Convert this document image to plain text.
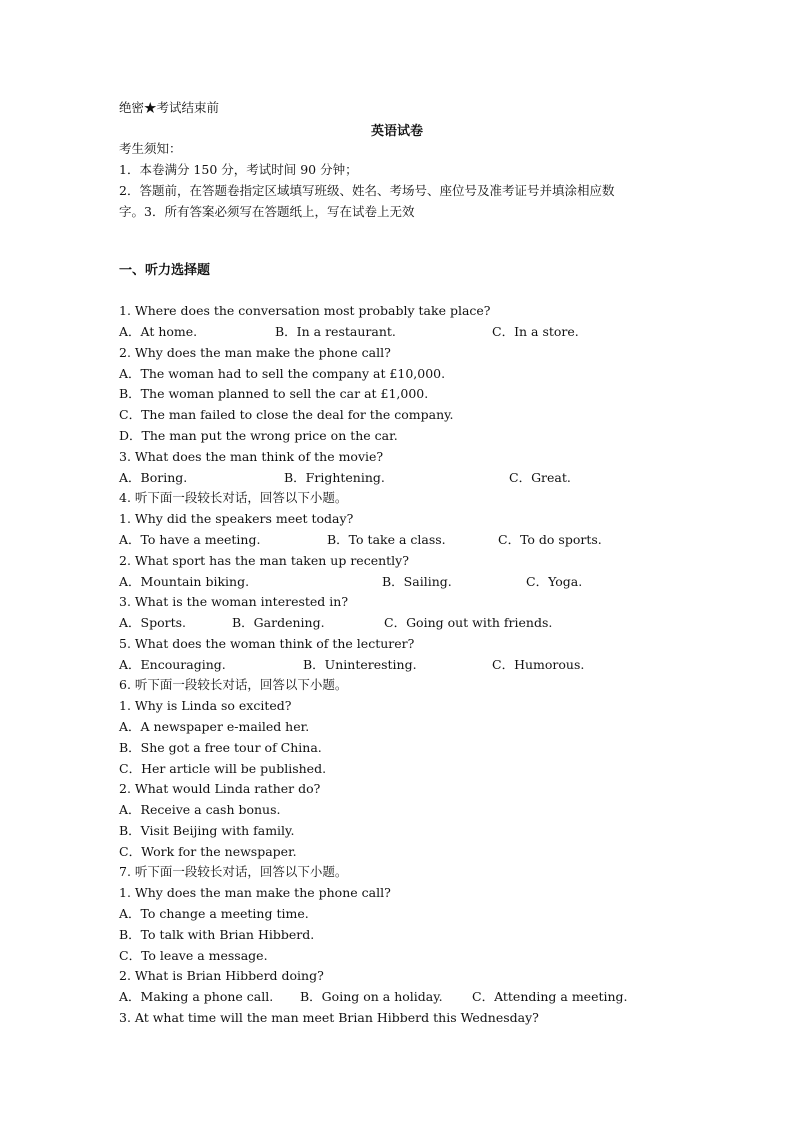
绝密★考试结束前
英语试卷
考生须知：
1．本卷满分 150 分，考试时间 90 分钟；
2．答题前，在答题卷指定区域填写班级、姓名、考场号、座位号及准考证号并填涂相应数
字。3．所有答案必须写在答题纸上，写在试卷上无效
一、听力选择题
1. Where does the conversation most probably take place?
A．At home.	B．In a restaurant.	C．In a store.
2. Why does the man make the phone call?
A．The woman had to sell the company at £10,000.
B．The woman planned to sell the car at £1,000.
C．The man failed to close the deal for the company.
D．The man put the wrong price on the car.
3. What does the man think of the movie?
A．Boring.	B．Frightening.	C．Great.
4. 听下面一段较长对话，回答以下小题。
1. Why did the speakers meet today?
A．To have a meeting.	B．To take a class.	C．To do sports.
2. What sport has the man taken up recently?
A．Mountain biking.	B．Sailing.	C．Yoga.
3. What is the woman interested in?
A．Sports.	B．Gardening.	C．Going out with friends.
5. What does the woman think of the lecturer?
A．Encouraging.	B．Uninteresting.	C．Humorous.
6. 听下面一段较长对话，回答以下小题。
1. Why is Linda so excited?
A．A newspaper e-mailed her.
B．She got a free tour of China.
C．Her article will be published.
2. What would Linda rather do?
A．Receive a cash bonus.
B．Visit Beijing with family.
C．Work for the newspaper.
7. 听下面一段较长对话，回答以下小题。
1. Why does the man make the phone call?
A．To change a meeting time.
B．To talk with Brian Hibberd.
C．To leave a message.
2. What is Brian Hibberd doing?
A．Making a phone call. B．Going on a holiday. C．Attending a meeting.
3. At what time will the man meet Brian Hibberd this Wednesday?
